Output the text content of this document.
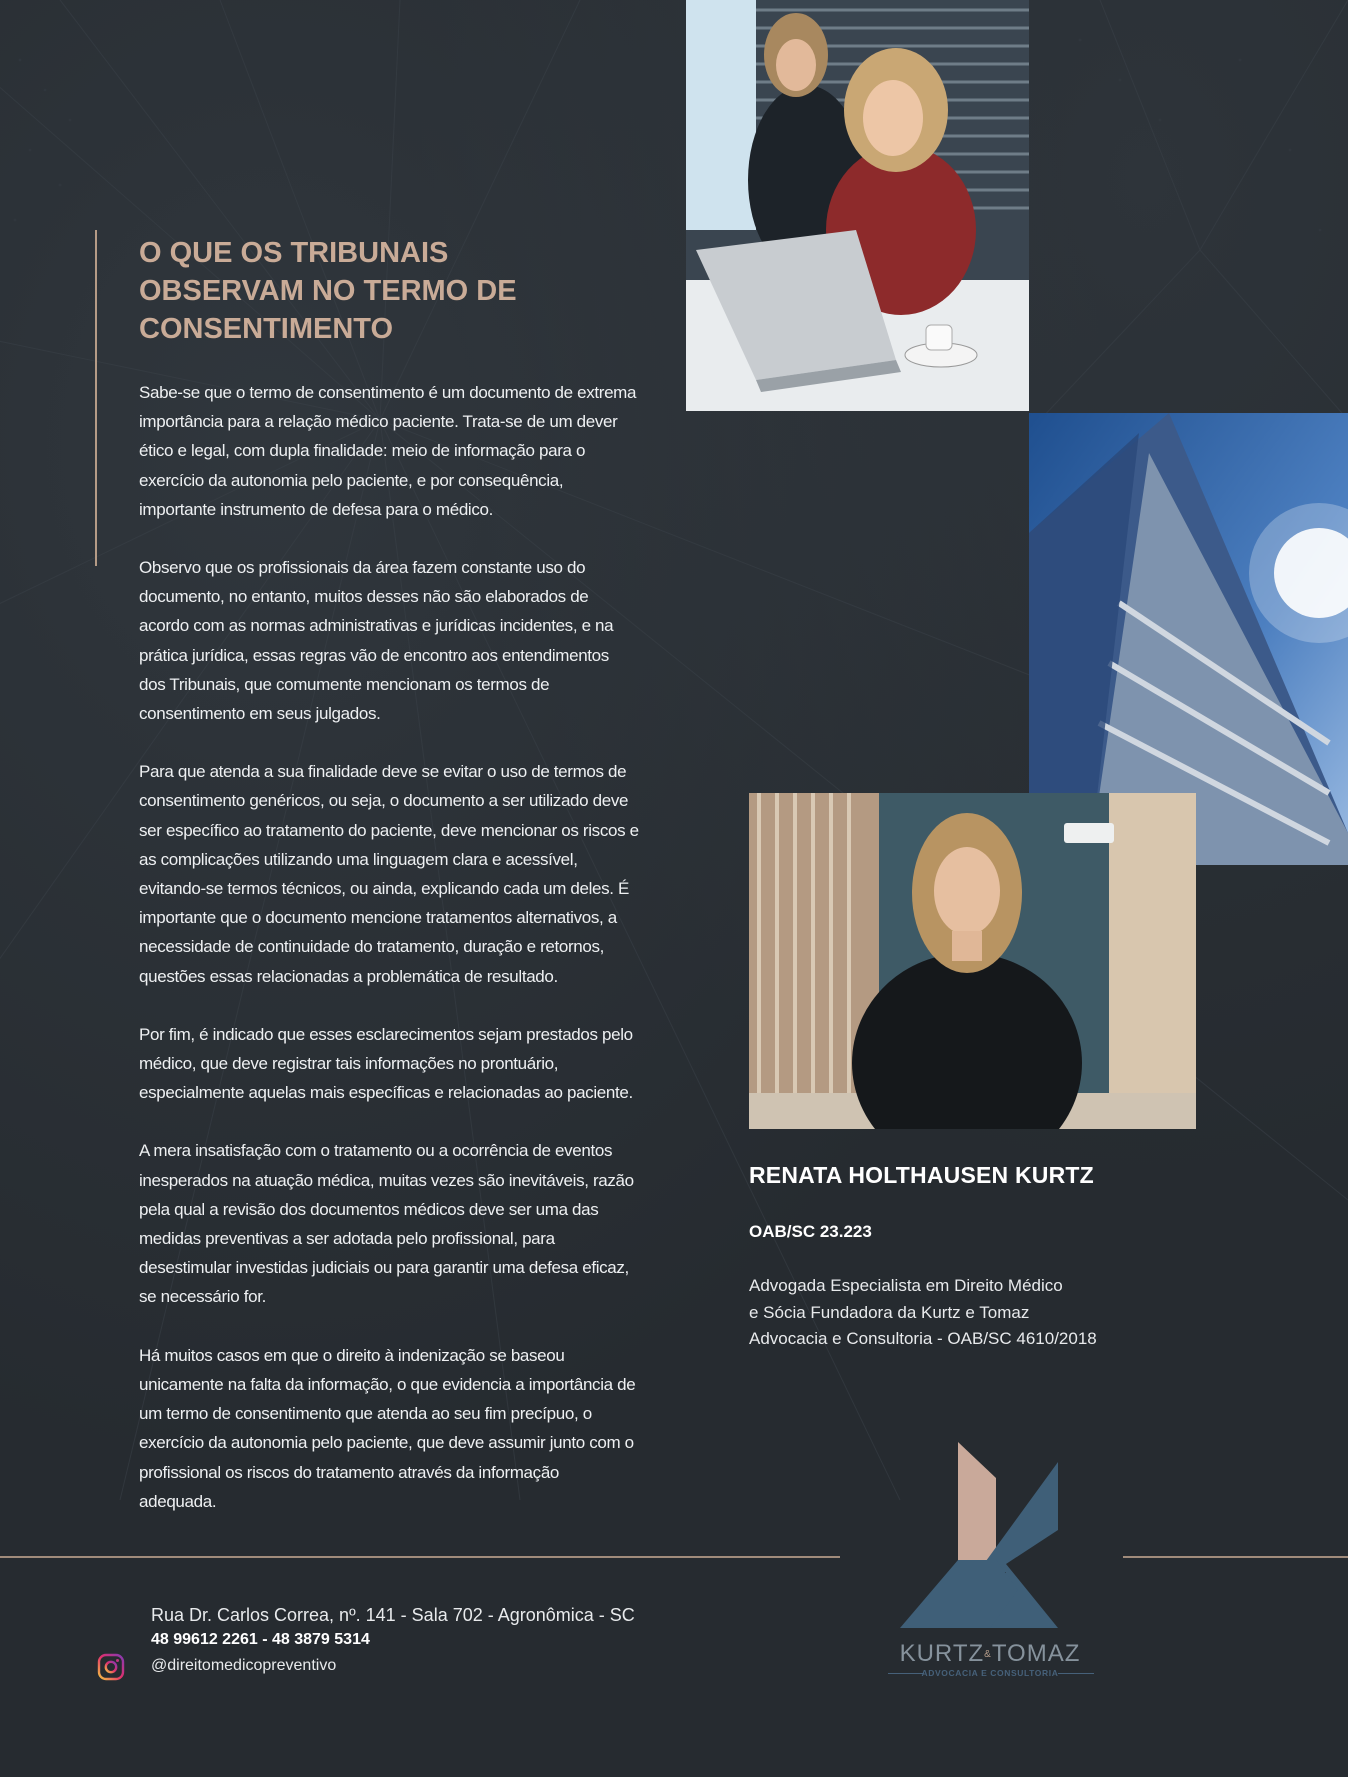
O QUE OS TRIBUNAIS
OBSERVAM NO TERMO DE
CONSENTIMENTO

Sabe-se que o termo de consentimento é um documento de extrema importância para a relação médico paciente. Trata-se de um dever ético e legal, com dupla finalidade: meio de informação para o exercício da autonomia pelo paciente, e por consequência, importante instrumento de defesa para o médico.

Observo que os profissionais da área fazem constante uso do documento, no entanto, muitos desses não são elaborados de acordo com as normas administrativas e jurídicas incidentes, e na prática jurídica, essas regras vão de encontro aos entendimentos dos Tribunais, que comumente mencionam os termos de consentimento em seus julgados.

Para que atenda a sua finalidade deve se evitar o uso de termos de consentimento genéricos, ou seja, o documento a ser utilizado deve ser específico ao tratamento do paciente, deve mencionar os riscos e as complicações utilizando uma linguagem clara e acessível, evitando-se termos técnicos, ou ainda, explicando cada um deles. É importante que o documento mencione tratamentos alternativos, a necessidade de continuidade do tratamento, duração e retornos, questões essas relacionadas a problemática de resultado.

Por fim, é indicado que esses esclarecimentos sejam prestados pelo médico, que deve registrar tais informações no prontuário, especialmente aquelas mais específicas e relacionadas ao paciente.

A mera insatisfação com o tratamento ou a ocorrência de eventos inesperados na atuação médica, muitas vezes são inevitáveis, razão pela qual a revisão dos documentos médicos deve ser uma das medidas preventivas a ser adotada pelo profissional, para desestimular investidas judiciais ou para garantir uma defesa eficaz, se necessário for.

Há muitos casos em que o direito à indenização se baseou unicamente na falta da informação, o que evidencia a importância de um termo de consentimento que atenda ao seu fim precípuo, o exercício da autonomia pelo paciente, que deve assumir junto com o profissional os riscos do tratamento através da informação adequada.

RENATA HOLTHAUSEN KURTZ

OAB/SC 23.223

Advogada Especialista em Direito Médico
e Sócia Fundadora da Kurtz e Tomaz
Advocacia e Consultoria - OAB/SC 4610/2018

Rua Dr. Carlos Correa, nº. 141 - Sala 702 - Agronômica - SC

48 99612 2261 - 48 3879 5314

@direitomedicopreventivo	KURTZ&TOMAZ

ADVOCACIA E CONSULTORIA
